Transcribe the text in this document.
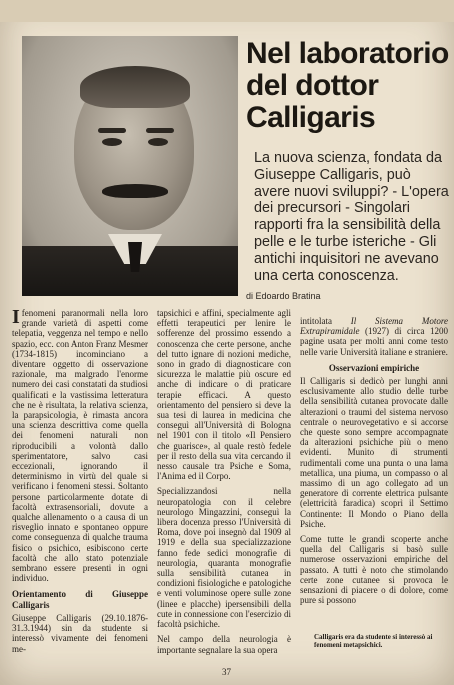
Nel laboratorio del dottor Calligaris

La nuova scienza, fondata da Giuseppe Calligaris, può avere nuovi sviluppi? - L'opera dei precursori - Singolari rapporti fra la sensibilità della pelle e le turbe isteriche - Gli antichi inquisitori ne avevano una certa conoscenza.

di Edoardo Bratina

Ifenomeni paranormali nella loro grande varietà di aspetti come telepatia, veggenza nel tempo e nello spazio, ecc. con Anton Franz Mesmer (1734-1815) incominciano a diventare oggetto di osservazione razionale, ma malgrado l'enorme numero dei casi constatati da studiosi qualificati e la vastissima letteratura che ne è risultata, la relativa scienza, la parapsicologia, è rimasta ancora una scienza descrittiva come quella dei fenomeni naturali non riproducibili a volontà dallo sperimentatore, salvo casi eccezionali, ignorando il determinismo in virtù del quale si verificano i fenomeni stessi. Soltanto persone particolarmente dotate di facoltà extrasensoriali, dovute a qualche allenamento o a causa di un risveglio innato e spontaneo oppure come conseguenza di qualche trauma fisico o psichico, esibiscono certe facoltà che allo stato potenziale sembrano essere presenti in ogni individuo.

Orientamento di Giuseppe Calligaris

Giuseppe Calligaris (29.10.1876-31.3.1944) sin da studente si interessò vivamente dei fenomeni me-

tapsichici e affini, specialmente agli effetti terapeutici per lenire le sofferenze del prossimo essendo a conoscenza che certe persone, anche del tutto ignare di nozioni mediche, sono in grado di diagnosticare con sicurezza le malattie più oscure ed anche di indicare o di praticare terapie efficaci. A questo orientamento del pensiero si deve la sua tesi di laurea in medicina che conseguì all'Università di Bologna nel 1901 con il titolo «Il Pensiero che guarisce», al quale restò fedele per il resto della sua vita cercando il nesso causale tra Psiche e Soma, l'Anima ed il Corpo.

Specializzandosi nella neuropatologia con il celebre neurologo Mingazzini, conseguì la libera docenza presso l'Università di Roma, dove poi insegnò dal 1909 al 1919 e della sua specializzazione fanno fede sedici monografie di neurologia, quaranta monografie sulla sensibilità cutanea in condizioni fisiologiche e patologiche e venti voluminose opere sulle zone (linee e placche) ipersensibili della cute in connessione con l'esercizio di facoltà psichiche.

Nel campo della neurologia è importante segnalare la sua opera

intitolata Il Sistema Motore Extrapiramidale (1927) di circa 1200 pagine usata per molti anni come testo nelle varie Università italiane e straniere.

Osservazioni empiriche

Il Calligaris si dedicò per lunghi anni esclusivamente allo studio delle turbe della sensibilità cutanea provocate dalle alterazioni o traumi del sistema nervoso centrale o neurovegetativo e si accorse che queste sono sempre accompagnate da alterazioni psichiche più o meno evidenti. Munito di strumenti rudimentali come una punta o una lama metallica, una piuma, un compasso o al massimo di un ago collegato ad un generatore di corrente elettrica pulsante (elettricità faradica) scoprì il Settimo Continente: Il Mondo o Piano della Psiche.

Come tutte le grandi scoperte anche quella del Calligaris si basò sulle numerose osservazioni empiriche del passato. A tutti è noto che stimolando certe zone cutanee si provoca le sensazioni di piacere o di dolore, come pure si possono

Calligaris era da studente si interessò ai fenomeni metapsichici.
37
